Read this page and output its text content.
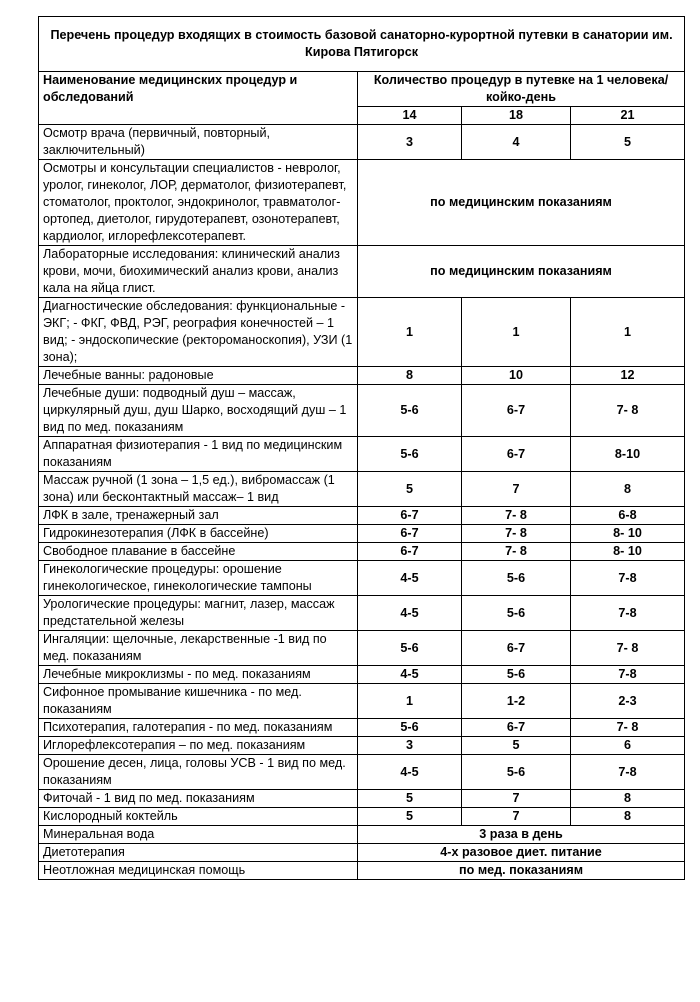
Перечень процедур входящих в стоимость базовой санаторно-курортной путевки в санатории им. Кирова Пятигорск			
Наименование медицинских процедур и обследований	Количество процедур в путевке на 1 человека/койко-день		
	14	18	21
Осмотр врача (первичный, повторный, заключительный)	3	4	5
Осмотры и консультации специалистов - невролог, уролог, гинеколог, ЛОР, дерматолог, физиотерапевт, стоматолог, проктолог, эндокринолог, травматолог-ортопед, диетолог, гирудотерапевт, озонотерапевт, кардиолог, иглорефлексотерапевт.	по медицинским показаниям		
Лабораторные исследования: клинический анализ крови, мочи, биохимический анализ крови, анализ кала на яйца глист.	по медицинским показаниям		
Диагностические обследования: функциональные - ЭКГ; - ФКГ, ФВД, РЭГ, реография конечностей – 1 вид; - эндоскопические (ректороманоскопия), УЗИ (1 зона);	1	1	1
Лечебные ванны: радоновые	8	10	12
Лечебные души: подводный душ – массаж, циркулярный душ, душ Шарко, восходящий душ – 1 вид по мед. показаниям	5-6	6-7	7- 8
Аппаратная физиотерапия - 1 вид по медицинским показаниям	5-6	6-7	8-10
Массаж ручной (1 зона – 1,5 ед.), вибромассаж (1 зона) или бесконтактный массаж– 1 вид	5	7	8
ЛФК в зале, тренажерный зал	6-7	7- 8	6-8
Гидрокинезотерапия (ЛФК в бассейне)	6-7	7- 8	8- 10
Свободное плавание в бассейне	6-7	7- 8	8- 10
Гинекологические процедуры: орошение гинекологическое, гинекологические тампоны	4-5	5-6	7-8
Урологические процедуры: магнит, лазер, массаж предстательной железы	4-5	5-6	7-8
Ингаляции: щелочные, лекарственные -1 вид по мед. показаниям	5-6	6-7	7- 8
Лечебные микроклизмы - по мед. показаниям	4-5	5-6	7-8
Сифонное промывание кишечника - по мед. показаниям	1	1-2	2-3
Психотерапия, галотерапия - по мед. показаниям	5-6	6-7	7- 8
Иглорефлексотерапия – по мед. показаниям	3	5	6
Орошение десен, лица, головы УСВ - 1 вид по мед. показаниям	4-5	5-6	7-8
Фиточай - 1 вид по мед. показаниям	5	7	8
Кислородный коктейль	5	7	8
Минеральная вода	3 раза в день		
Диетотерапия	4-х разовое диет. питание		
Неотложная медицинская помощь	по мед. показаниям		
